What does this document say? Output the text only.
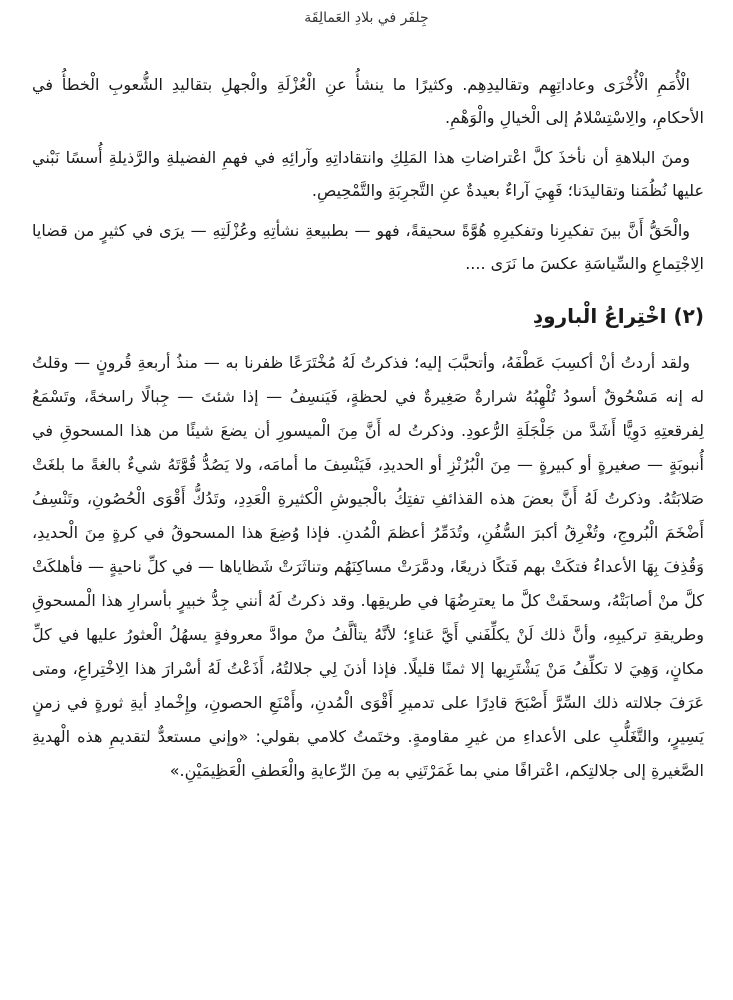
جِلفَر في بلادِ العَمالِقَة

الْأُمَمِ الْأُخْرَى وعاداتِهِم وتقاليدِهِم. وكثيرًا ما ينشأُ عنِ الْعُزْلَةِ والْجهلِ بتقاليدِ الشُّعوبِ الْخطأُ في الأحكامِ، والِاسْتِسْلامُ إلى الْخيالِ والْوَهْمِ.

ومنَ البلاهةِ أن نأخذَ كلَّ اعْتراضاتِ هذا المَلِكِ وانتقاداتِهِ وآرائِهِ في فهمِ الفضيلةِ والرَّذيلةِ أُسسًا نَبْني عليها نُظُمَنا وتقاليدَنا؛ فَهِيَ آراءٌ بعيدةٌ عنِ التَّجرِبَةِ والتَّمْحِيصِ.

والْحَقُّ أَنَّ بينَ تفكيرِنا وتفكيرِهِ هُوَّةً سحيقةً، فهو — بطبيعةِ نشأتِهِ وعُزْلَتِهِ — يرَى في كثيرٍ من قضايا الِاجْتِماعِ والسِّياسَةِ عكسَ ما نَرَى ....

(٢) اخْتِراعُ الْبارودِ

ولقد أردتُ أنْ أكسِبَ عَطْفَهُ، وأتحبَّبَ إليه؛ فذكرتُ لَهُ مُخْتَرَعًا ظفرنا به — منذُ أربعةِ قُرونٍ — وقلتُ له إنه مَسْحُوقٌ أسودُ تُلْهِبُهُ شرارةٌ صَغِيرةٌ في لحظةٍ، فَيَنسِفُ — إذا شئتَ — جِبالًا راسخةً، وتَسْمَعُ لِفرقعتِهِ دَوِيًّا أَشَدَّ من جَلْجَلَةِ الرُّعودِ. وذكرتُ له أَنَّ مِنَ الْميسورِ أن يضعَ شيئًا من هذا المسحوقِ في أُنبوبَةٍ — صغيرةٍ أو كبيرةٍ — مِنَ الْبُرُنْزِ أو الحديدِ، فَيَنْسِفَ ما أمامَه، ولا يَصُدُّ قُوَّتَهُ شيءٌ بالغةً ما بلغَتْ صَلابَتُهُ. وذكرتُ لَهُ أَنَّ بعضَ هذه القذائفِ تفتِكُ بالْجيوشِ الْكثيرةِ الْعَدِدِ، وتَدُكُّ أَقْوَى الْحُصُونِ، وتَنْسِفُ أَضْخَمَ الْبُروجِ، وتُغْرِقُ أكبرَ السُّفُنِ، وتُدَمِّرُ أعظمَ الْمُدنِ. فإذا وُضِعَ هذا المسحوقُ في كرةٍ مِنَ الْحديدِ، وَقُذِفَ بِهَا الأعداءُ فتكَتْ بهم فَتكًا ذريعًا، ودمَّرَتْ مساكِنَهُم وتناثَرَتْ شَظاياها — في كلِّ ناحيةٍ — فأهلكَتْ كلَّ منْ أصابَتْهُ، وسحقَتْ كلَّ ما يعترِضُهَا في طريقِها. وقد ذكرتُ لَهُ أنني جِدُّ خبيرٍ بأسرارِ هذا الْمسحوقِ وطريقةِ تركيبِهِ، وأنَّ ذلك لَنْ يكلِّفَني أَيَّ عَناءٍ؛ لأنَّهُ يتألَّفُ منْ موادَّ معروفةٍ يسهُلُ الْعثورُ عليها في كلِّ مكانٍ، وَهِيَ لا تكلِّفُ مَنْ يَشْتَرِيها إلا ثمنًا قليلًا. فإذا أذنَ لِي جلالتُهُ، أَذَعْتُ لَهُ أسْرارَ هذا الِاخْتِراعِ، ومتى عَرَفَ جلالته ذلك السِّرَّ أَصْبَحَ قادِرًا على تدميرِ أَقْوَى الْمُدنِ، وأَمْنَعِ الحصونِ، وإِخْمادِ أيةِ ثورةٍ في زمنٍ يَسِيرٍ، والتَّغَلُّبِ على الأعداءِ من غيرِ مقاومةٍ. وختَمتُ كلامي بقولي: «وإني مستعدٌّ لتقديمِ هذه الْهديةِ الصَّغيرةِ إلى جلالتِكم، اعْترافًا مني بما غَمَرْتَنِي به مِنَ الرِّعايةِ والْعَطفِ الْعَظِيمَيْنِ.»
